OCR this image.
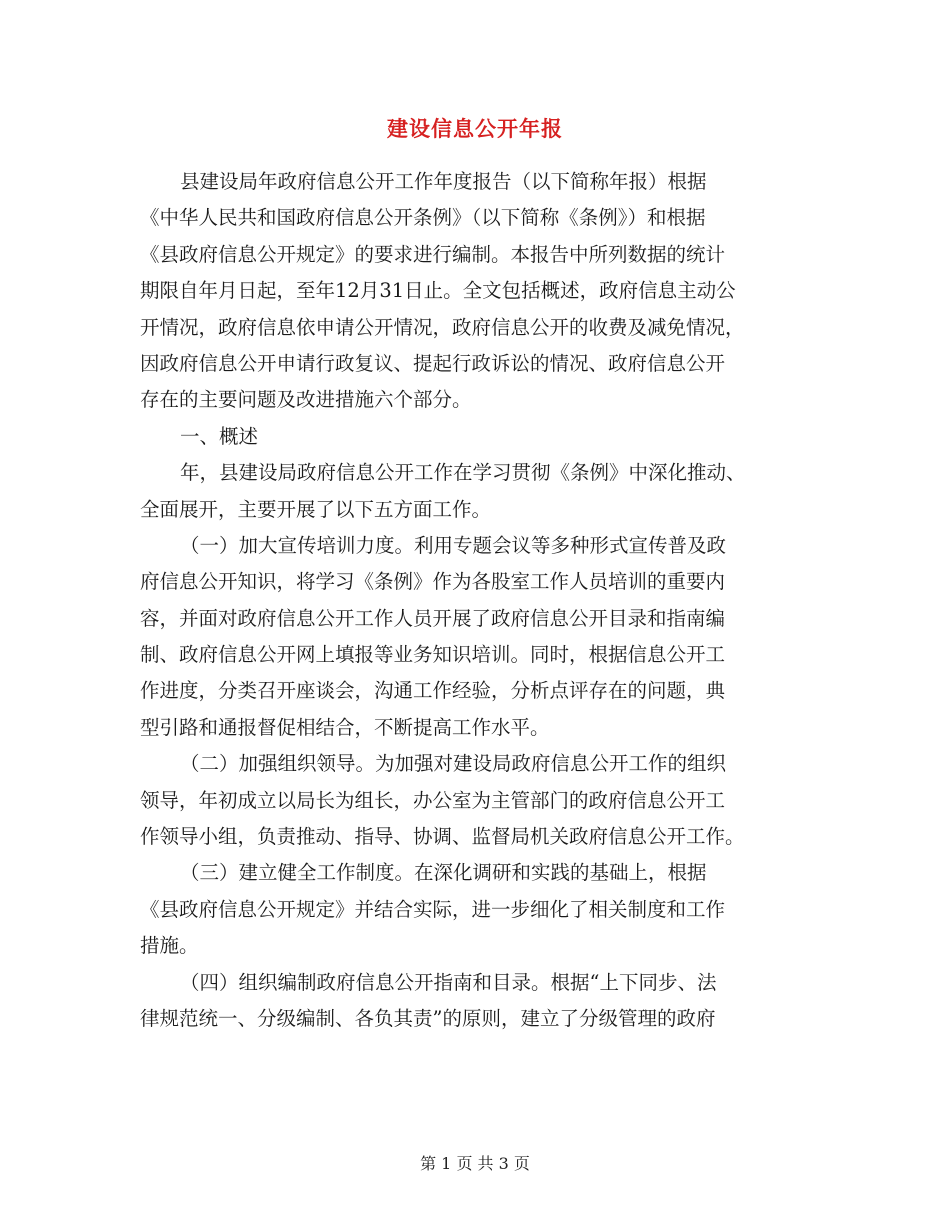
建设信息公开年报
县建设局年政府信息公开工作年度报告（以下简称年报）根据
《中华人民共和国政府信息公开条例》（以下简称《条例》）和根据
《县政府信息公开规定》的要求进行编制。本报告中所列数据的统计
期限自年月日起，至年12月31日止。全文包括概述，政府信息主动公
开情况，政府信息依申请公开情况，政府信息公开的收费及减免情况，
因政府信息公开申请行政复议、提起行政诉讼的情况、政府信息公开
存在的主要问题及改进措施六个部分。
一、概述
年，县建设局政府信息公开工作在学习贯彻《条例》中深化推动、
全面展开，主要开展了以下五方面工作。
（一）加大宣传培训力度。利用专题会议等多种形式宣传普及政
府信息公开知识，将学习《条例》作为各股室工作人员培训的重要内
容，并面对政府信息公开工作人员开展了政府信息公开目录和指南编
制、政府信息公开网上填报等业务知识培训。同时，根据信息公开工
作进度，分类召开座谈会，沟通工作经验，分析点评存在的问题，典
型引路和通报督促相结合，不断提高工作水平。
（二）加强组织领导。为加强对建设局政府信息公开工作的组织
领导，年初成立以局长为组长，办公室为主管部门的政府信息公开工
作领导小组，负责推动、指导、协调、监督局机关政府信息公开工作。
（三）建立健全工作制度。在深化调研和实践的基础上，根据
《县政府信息公开规定》并结合实际，进一步细化了相关制度和工作
措施。
（四）组织编制政府信息公开指南和目录。根据“上下同步、法
律规范统一、分级编制、各负其责”的原则，建立了分级管理的政府
第 1 页 共 3 页
